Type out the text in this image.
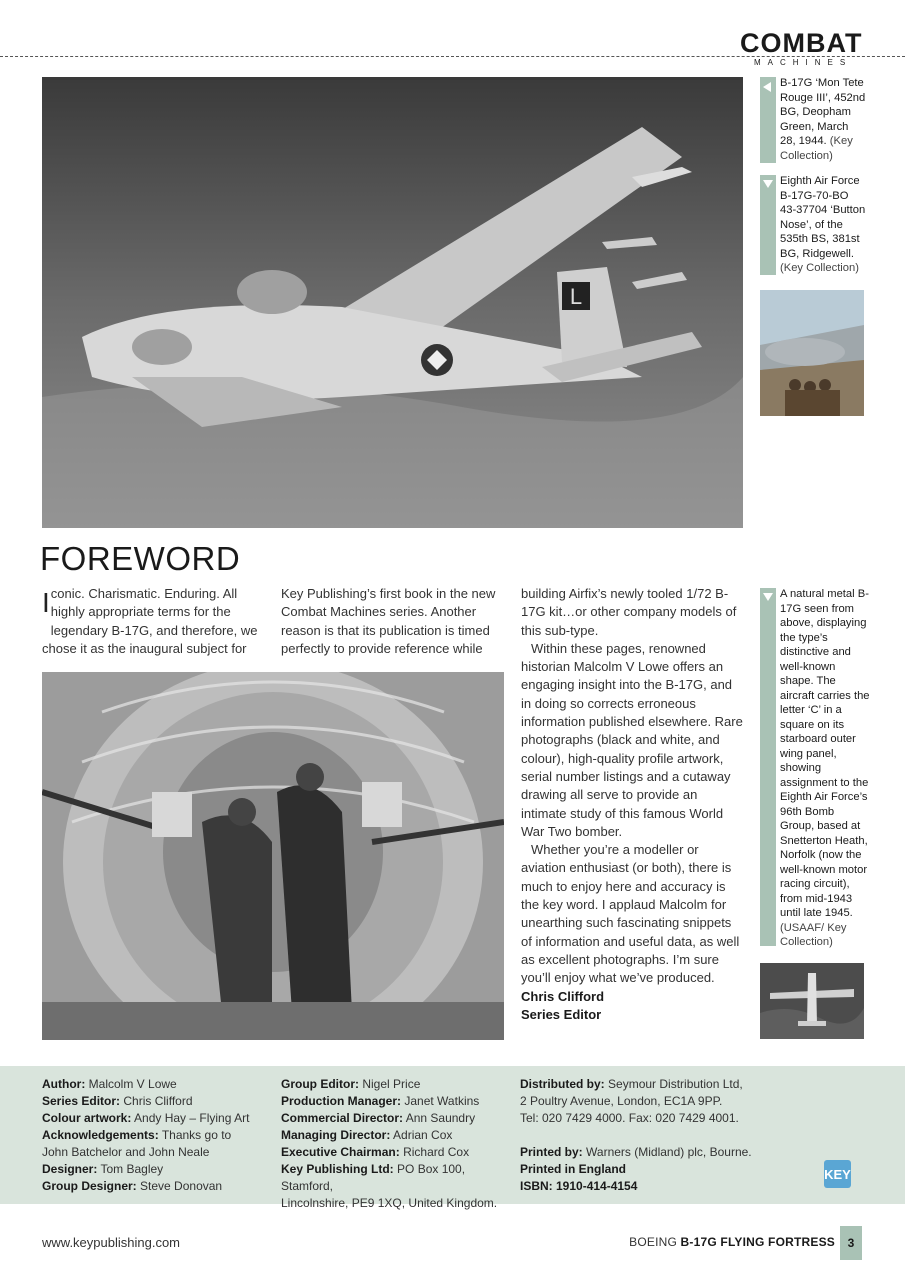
COMBAT
MACHINES
L
B-17G ‘Mon Tete Rouge III’, 452nd BG, Deopham Green, March 28, 1944. (Key Collection)
Eighth Air Force B-17G-70-BO 43-37704 ‘Button Nose’, of the 535th BS, 381st BG, Ridgewell. (Key Collection)
FOREWORD

Iconic. Charismatic. Enduring. All highly appropriate terms for the legendary B-17G, and therefore, we chose it as the inaugural subject for

Key Publishing’s first book in the new Combat Machines series. Another reason is that its publication is timed perfectly to provide reference while

building Airfix’s newly tooled 1/72 B-17G kit…or other company models of this sub-type.

Within these pages, renowned historian Malcolm V Lowe offers an engaging insight into the B-17G, and in doing so corrects erroneous information published elsewhere. Rare photographs (black and white, and colour), high-quality profile artwork, serial number listings and a cutaway drawing all serve to provide an intimate study of this famous World War Two bomber.

Whether you’re a modeller or aviation enthusiast (or both), there is much to enjoy here and accuracy is the key word. I applaud Malcolm for unearthing such fascinating snippets of information and useful data, as well as excellent photographs. I’m sure you’ll enjoy what we’ve produced.

Chris Clifford

Series Editor

A natural metal B-17G seen from above, displaying the type’s distinctive and well-known shape. The aircraft carries the letter ‘C’ in a square on its starboard outer wing panel, showing assignment to the Eighth Air Force’s 96th Bomb Group, based at Snetterton Heath, Norfolk (now the well-known motor racing circuit), from mid-1943 until late 1945. (USAAF/ Key Collection)
Author: Malcolm V Lowe
Series Editor: Chris Clifford
Colour artwork: Andy Hay – Flying Art
Acknowledgements: Thanks go to
John Batchelor and John Neale
Designer: Tom Bagley
Group Designer: Steve Donovan
Group Editor: Nigel Price
Production Manager: Janet Watkins
Commercial Director: Ann Saundry
Managing Director: Adrian Cox
Executive Chairman: Richard Cox
Key Publishing Ltd: PO Box 100, Stamford,
Lincolnshire, PE9 1XQ, United Kingdom.
Distributed by: Seymour Distribution Ltd,
2 Poultry Avenue, London, EC1A 9PP.
Tel: 020 7429 4000. Fax: 020 7429 4001.
Printed by: Warners (Midland) plc, Bourne.
Printed in England
ISBN: 1910-414-4154
KEY
www.keypublishing.com	BOEING B-17G FLYING FORTRESS	3
